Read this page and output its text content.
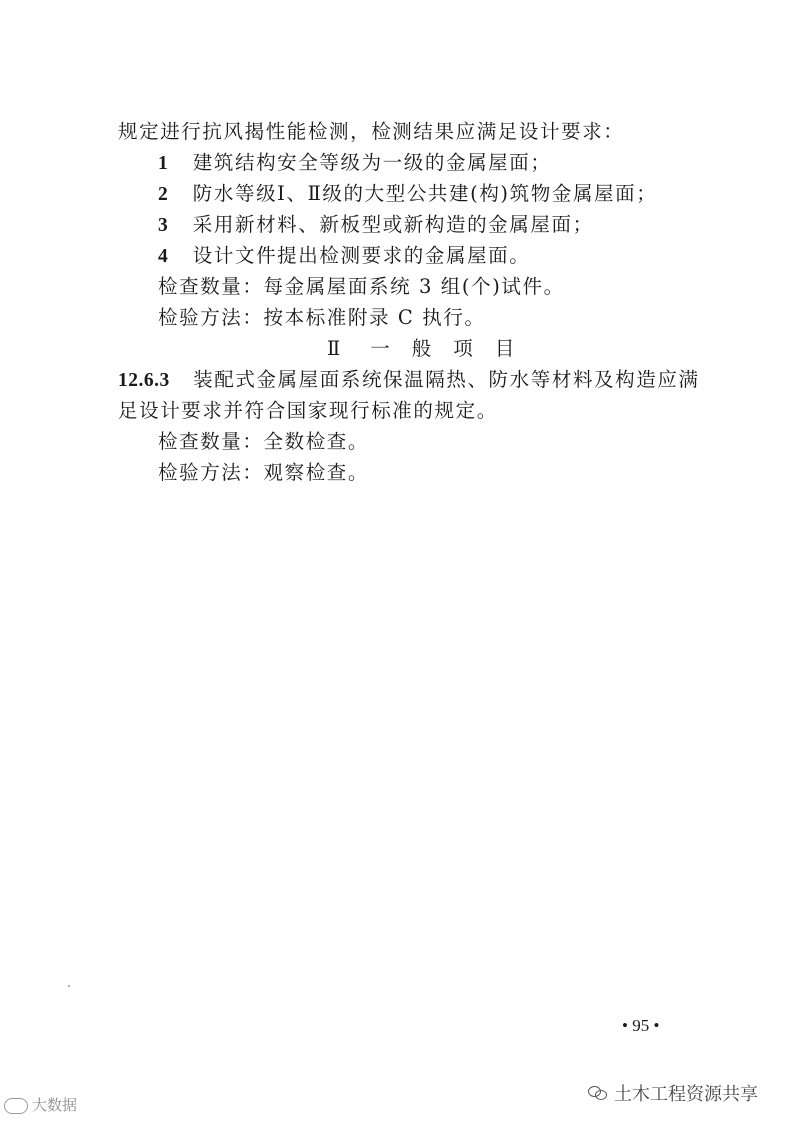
规定进行抗风揭性能检测，检测结果应满足设计要求：
1 建筑结构安全等级为一级的金属屋面；
2 防水等级Ⅰ、Ⅱ级的大型公共建(构)筑物金属屋面；
3 采用新材料、新板型或新构造的金属屋面；
4 设计文件提出检测要求的金属屋面。
检查数量：每金属屋面系统 3 组(个)试件。
检验方法：按本标准附录 C 执行。
Ⅱ 一 般 项 目
12.6.3 装配式金属屋面系统保温隔热、防水等材料及构造应满
足设计要求并符合国家现行标准的规定。
检查数量：全数检查。
检验方法：观察检查。
• 95 •
大数据	土木工程资源共享
